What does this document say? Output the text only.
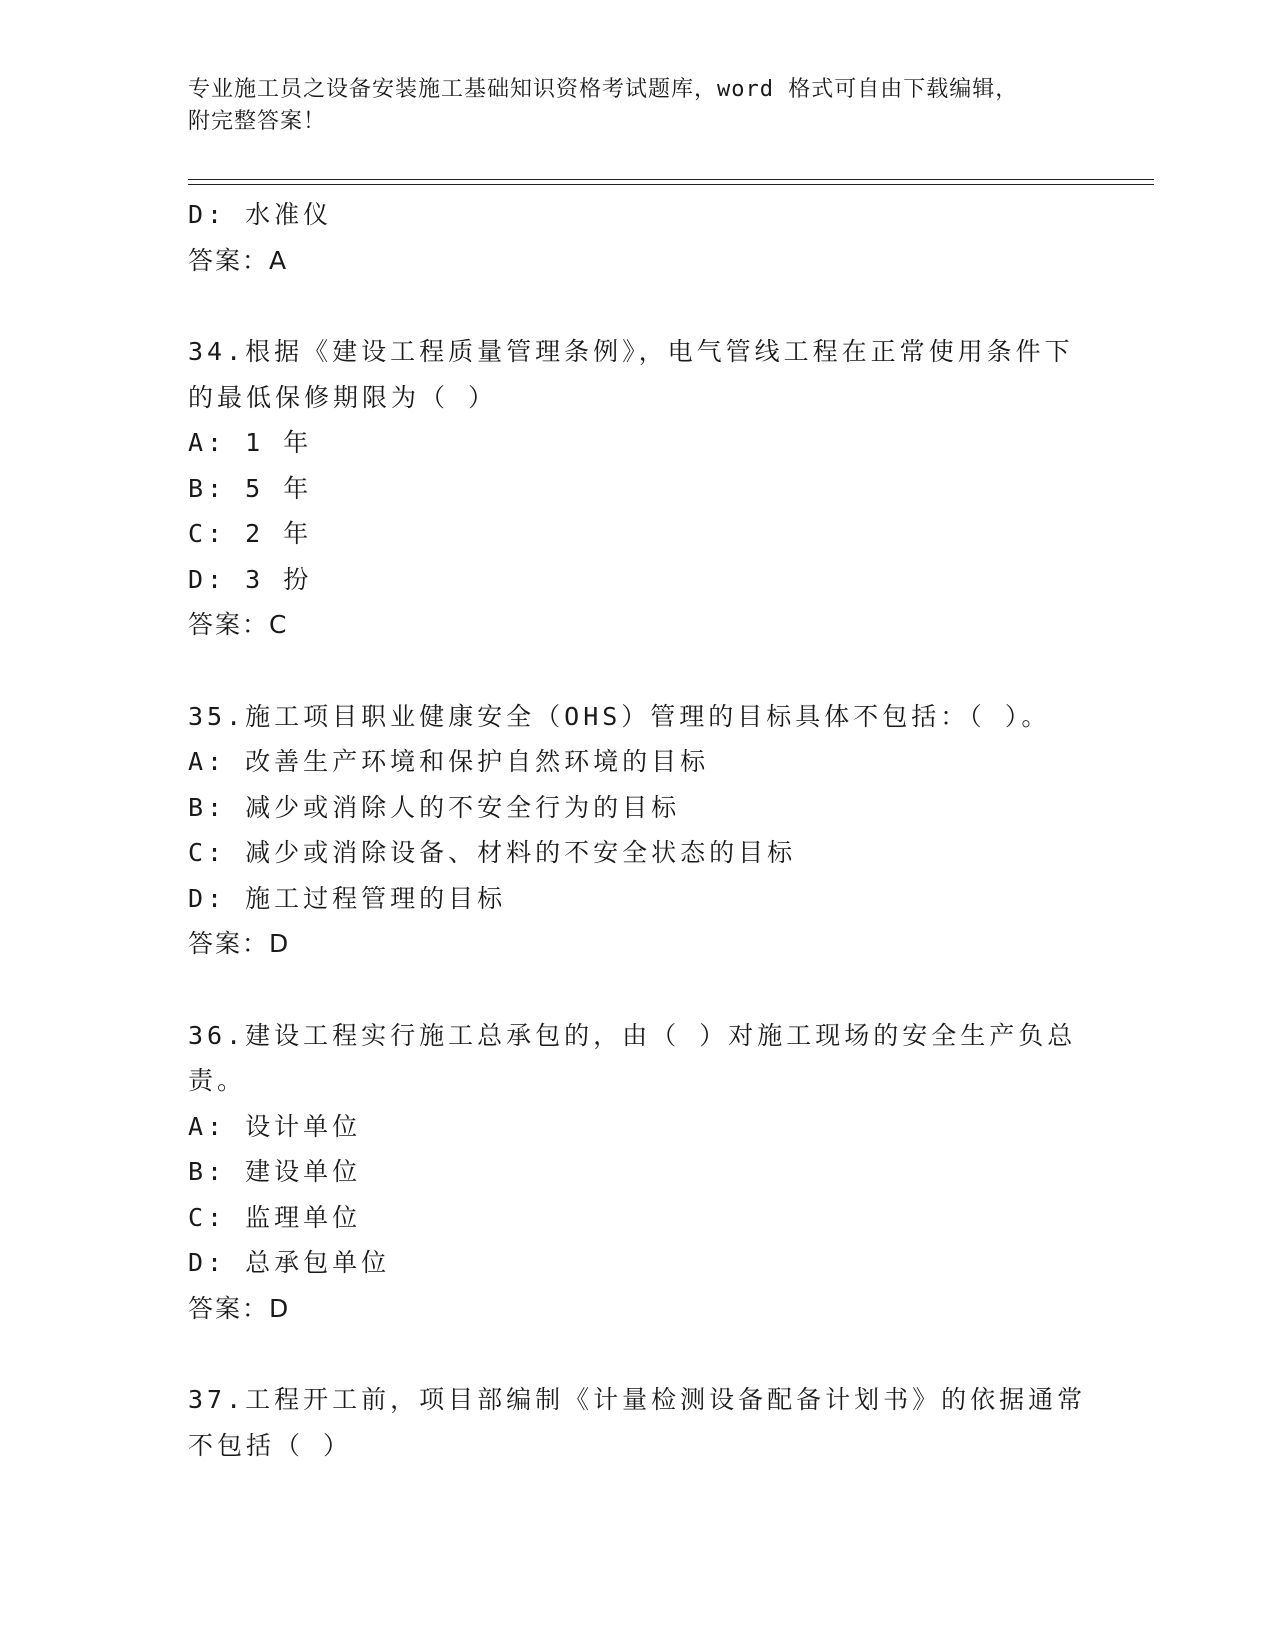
专业施工员之设备安装施工基础知识资格考试题库，word 格式可自由下载编辑，
附完整答案！
D: 水准仪
答案：A
34.根据《建设工程质量管理条例》，电气管线工程在正常使用条件下
的最低保修期限为（ ）
A: 1 年
B: 5 年
C: 2 年
D: 3 扮
答案：C
35.施工项目职业健康安全（OHS）管理的目标具体不包括：（ ）。
A: 改善生产环境和保护自然环境的目标
B: 减少或消除人的不安全行为的目标
C: 减少或消除设备、材料的不安全状态的目标
D: 施工过程管理的目标
答案：D
36.建设工程实行施工总承包的，由（ ）对施工现场的安全生产负总
责。
A: 设计单位
B: 建设单位
C: 监理单位
D: 总承包单位
答案：D
37.工程开工前，项目部编制《计量检测设备配备计划书》的依据通常
不包括（ ）
